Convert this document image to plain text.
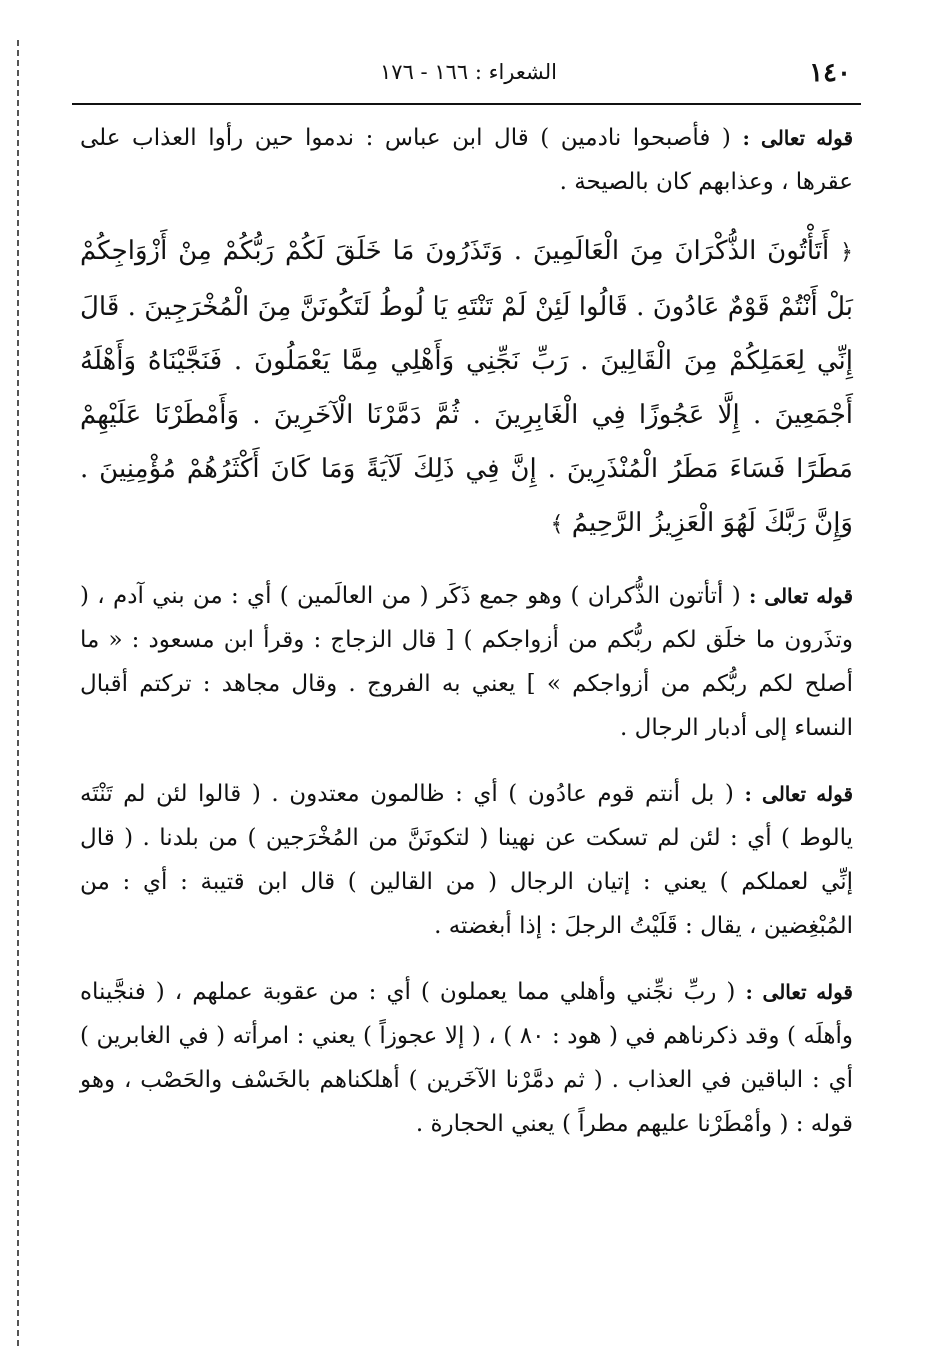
١٤٠
الشعراء : ١٦٦ - ١٧٦

قوله تعالى : ( فأصبحوا نادمين ) قال ابن عباس : ندموا حين رأوا العذاب على عقرها ، وعذابهم كان بالصيحة .

﴿ أَتَأْتُونَ الذُّكْرَانَ مِنَ الْعَالَمِينَ . وَتَذَرُونَ مَا خَلَقَ لَكُمْ رَبُّكُمْ مِنْ أَزْوَاجِكُمْ بَلْ أَنْتُمْ قَوْمٌ عَادُونَ . قَالُوا لَئِنْ لَمْ تَنْتَهِ يَا لُوطُ لَتَكُونَنَّ مِنَ الْمُخْرَجِينَ . قَالَ إِنِّي لِعَمَلِكُمْ مِنَ الْقَالِينَ . رَبِّ نَجِّنِي وَأَهْلِي مِمَّا يَعْمَلُونَ . فَنَجَّيْنَاهُ وَأَهْلَهُ أَجْمَعِينَ . إِلَّا عَجُوزًا فِي الْغَابِرِينَ . ثُمَّ دَمَّرْنَا الْآخَرِينَ . وَأَمْطَرْنَا عَلَيْهِمْ مَطَرًا فَسَاءَ مَطَرُ الْمُنْذَرِينَ . إِنَّ فِي ذَلِكَ لَآيَةً وَمَا كَانَ أَكْثَرُهُمْ مُؤْمِنِينَ . وَإِنَّ رَبَّكَ لَهُوَ الْعَزِيزُ الرَّحِيمُ ﴾

قوله تعالى : ( أتأتون الذُّكران ) وهو جمع ذَكَر ( من العالَمين ) أي : من بني آدم ، ( وتذَرون ما خلَق لكم ربُّكم من أزواجكم ) [ قال الزجاج : وقرأ ابن مسعود : « ما أصلح لكم ربُّكم من أزواجكم » ] يعني به الفروج . وقال مجاهد : تركتم أقبال النساء إلى أدبار الرجال .

قوله تعالى : ( بل أنتم قوم عادُون ) أي : ظالمون معتدون . ( قالوا لئن لم تَنْتَه يالوط ) أي : لئن لم تسكت عن نهينا ( لتكونَنَّ من المُخْرَجين ) من بلدنا . ( قال إنِّي لعملكم ) يعني : إتيان الرجال ( من القالين ) قال ابن قتيبة : أي : من المُبْغِضين ، يقال : قَلَيْتُ الرجلَ : إذا أبغضته .

قوله تعالى : ( ربِّ نجِّني وأهلي مما يعملون ) أي : من عقوبة عملهم ، ( فنجَّيناه وأهلَه ) وقد ذكرناهم في ( هود : ٨٠ ) ، ( إلا عجوزاً ) يعني : امرأته ( في الغابرين ) أي : الباقين في العذاب . ( ثم دمَّرْنا الآخَرين ) أهلكناهم بالخَسْف والحَصْب ، وهو قوله : ( وأمْطَرْنا عليهم مطراً ) يعني الحجارة .
